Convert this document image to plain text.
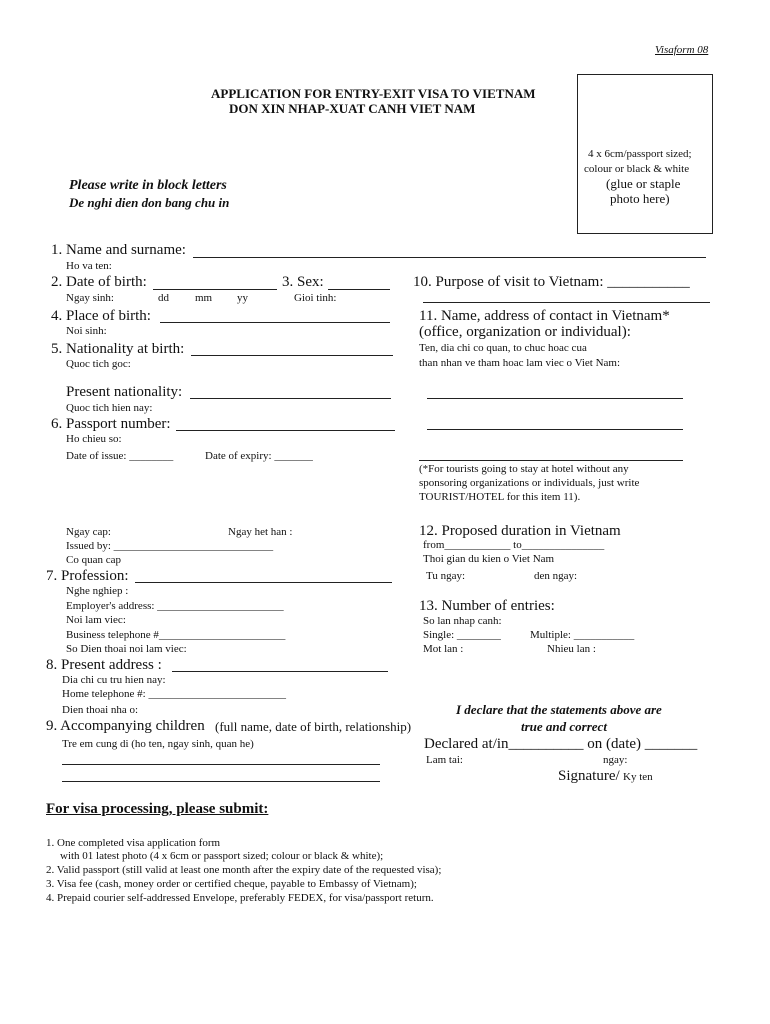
Visaform 08
APPLICATION FOR ENTRY-EXIT VISA TO VIETNAM
DON XIN NHAP-XUAT CANH VIET NAM
4 x 6cm/passport sized;
colour or black & white
(glue or staple
photo here)
Please write in block letters
De nghi dien don bang chu in
1. Name and surname:
Ho va ten:
2. Date of birth:	3. Sex:
Ngay sinh:	dd mm yy	Gioi tinh:
4. Place of birth:
Noi sinh:
5. Nationality at birth:
Quoc tich goc:
Present nationality:
Quoc tich hien nay:
6. Passport number:
Ho chieu so:
Date of issue: ________	Date of expiry: _______
Ngay cap:	Ngay het han :
Issued by: _____________________________
Co quan cap
7. Profession:
Nghe nghiep :
Employer's address: _______________________
Noi lam viec:
Business telephone #_______________________
So Dien thoai noi lam viec:
8. Present address :
Dia chi cu tru hien nay:
Home telephone #: _________________________
Dien thoai nha o:
9. Accompanying children (full name, date of birth, relationship)
Tre em cung di (ho ten, ngay sinh, quan he)
10. Purpose of visit to Vietnam: ___________
11. Name, address of contact in Vietnam*
(office, organization or individual):
Ten, dia chi co quan, to chuc hoac cua
than nhan ve tham hoac lam viec o Viet Nam:
(*For tourists going to stay at hotel without any
sponsoring organizations or individuals, just write
TOURIST/HOTEL for this item 11).
12. Proposed duration in Vietnam
from____________ to_______________
Thoi gian du kien o Viet Nam
Tu ngay:	den ngay:
13. Number of entries:
So lan nhap canh:
Single: ________	Multiple: ___________
Mot lan :	Nhieu lan :
I declare that the statements above are
true and correct
Declared at/in__________ on (date) _______
Lam tai:	ngay:
Signature/ Ky ten
For visa processing, please submit:
1. One completed visa application form
with 01 latest photo (4 x 6cm or passport sized; colour or black & white);
2. Valid passport (still valid at least one month after the expiry date of the requested visa);
3. Visa fee (cash, money order or certified cheque, payable to Embassy of Vietnam);
4. Prepaid courier self-addressed Envelope, preferably FEDEX, for visa/passport return.
